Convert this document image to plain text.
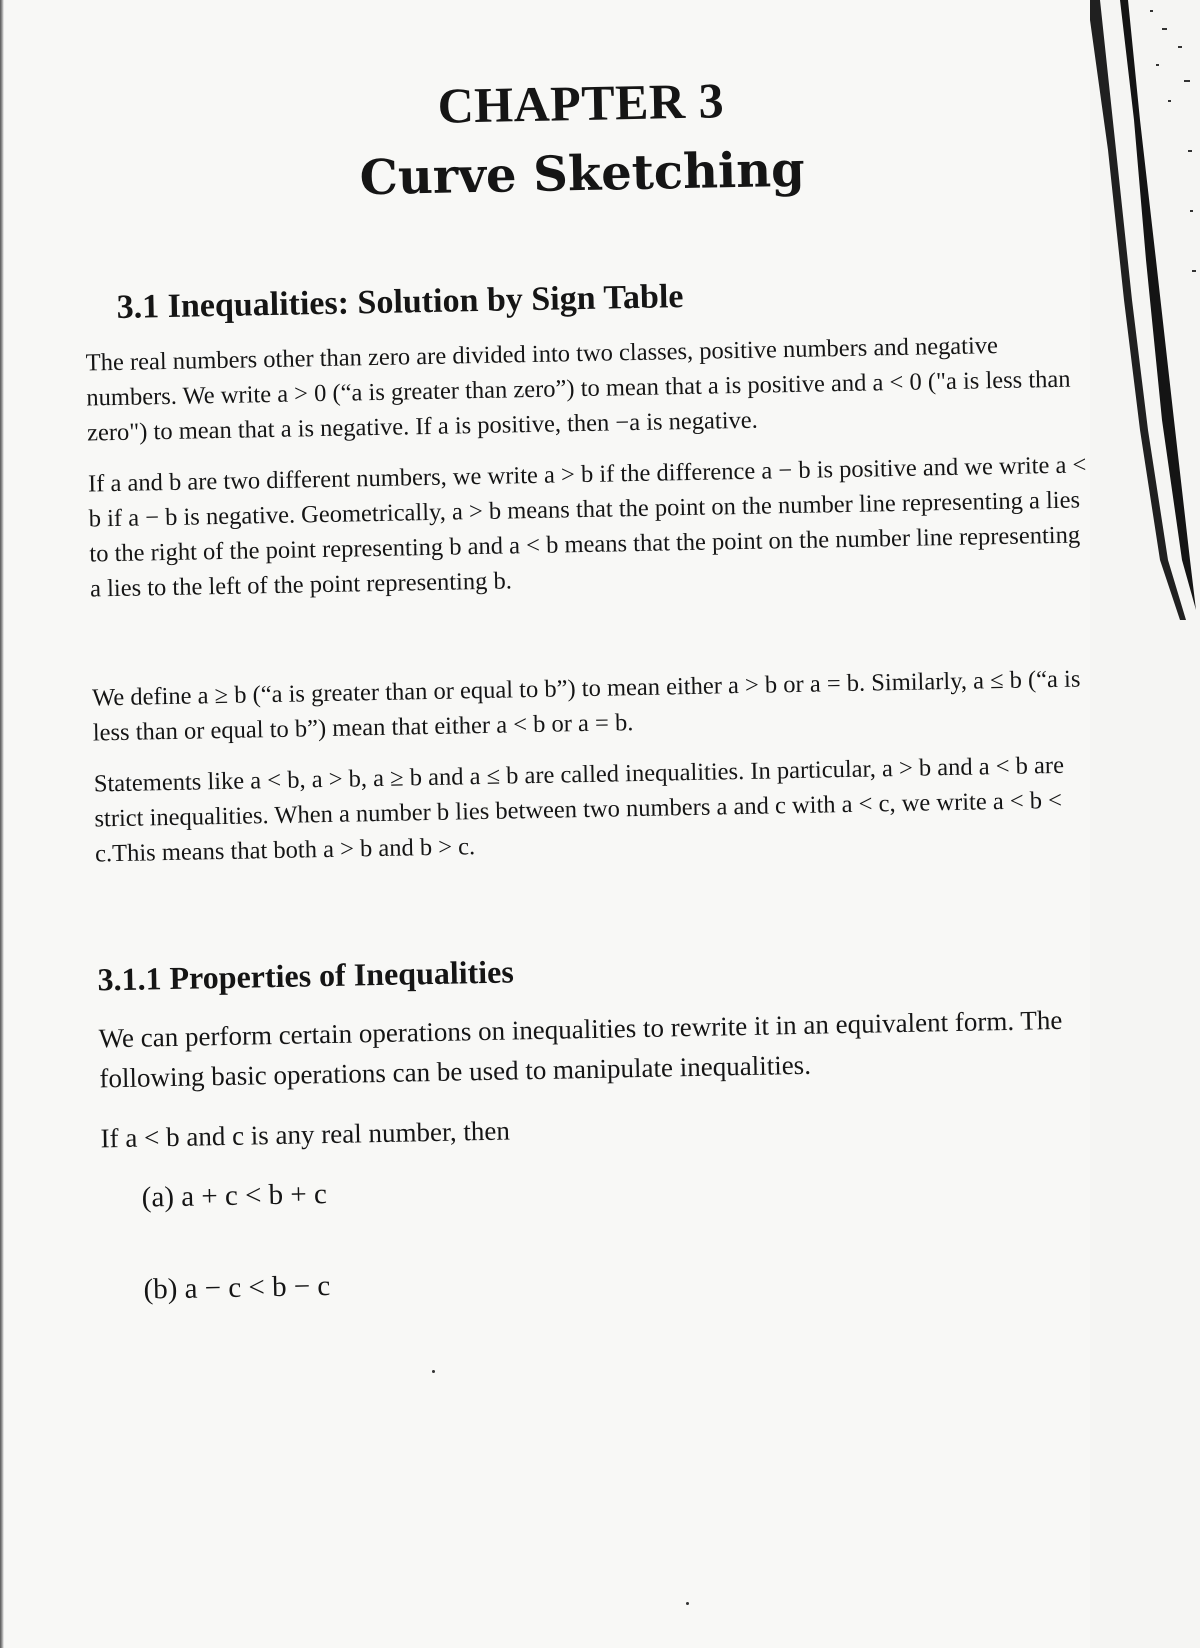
CHAPTER 3
Curve Sketching
3.1 Inequalities: Solution by Sign Table

The real numbers other than zero are divided into two classes, positive numbers and negative numbers. We write a > 0 (“a is greater than zero”) to mean that a is positive and a < 0 ("a is less than zero") to mean that a is negative. If a is positive, then −a is negative.

If a and b are two different numbers, we write a > b if the difference a − b is positive and we write a < b if a − b is negative. Geometrically, a > b means that the point on the number line representing a lies to the right of the point representing b and a < b means that the point on the number line representing a lies to the left of the point representing b.

We define a ≥ b (“a is greater than or equal to b”) to mean either a > b or a = b. Similarly, a ≤ b (“a is less than or equal to b”) mean that either a < b or a = b.

Statements like a < b, a > b, a ≥ b and a ≤ b are called inequalities. In particular, a > b and a < b are strict inequalities. When a number b lies between two numbers a and c with a < c, we write a < b < c.This means that both a > b and b > c.

3.1.1 Properties of Inequalities

We can perform certain operations on inequalities to rewrite it in an equivalent form. The following basic operations can be used to manipulate inequalities.

If a < b and c is any real number, then

(a) a + c < b + c
(b) a − c < b − c
